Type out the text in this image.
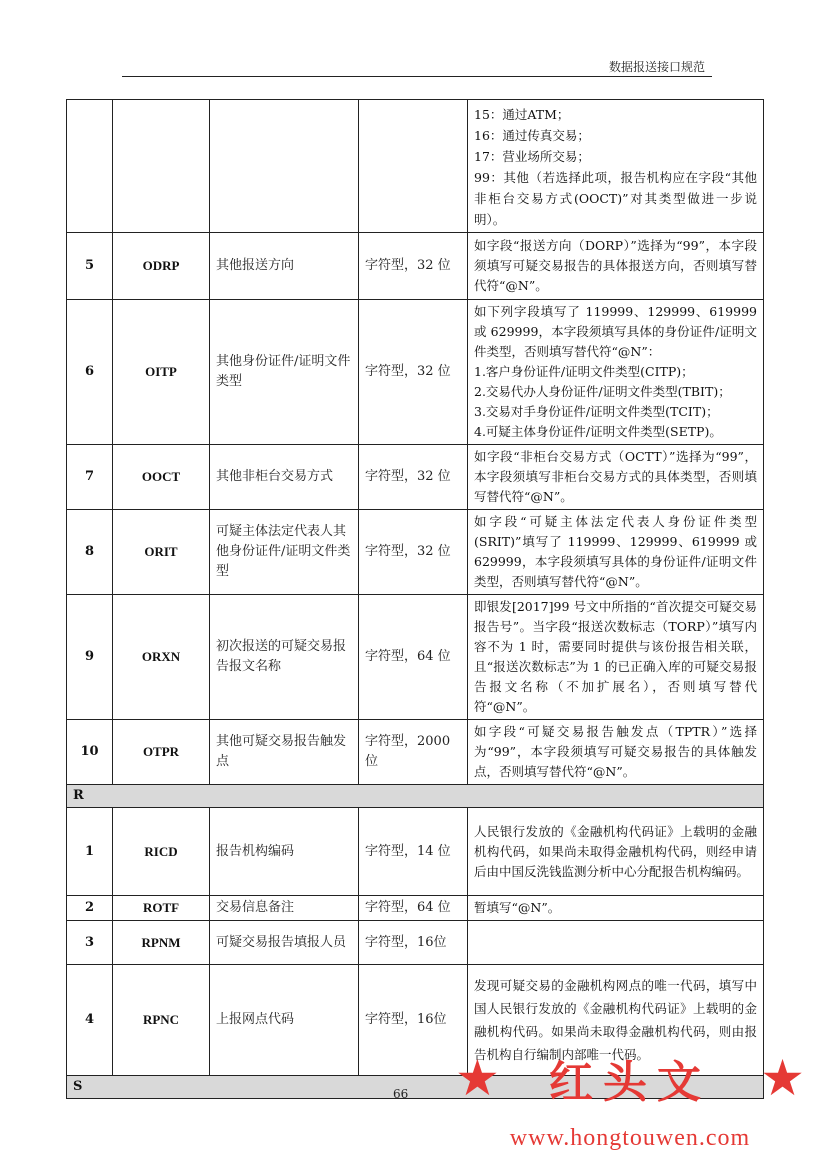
数据报送接口规范

				15：通过ATM；

16：通过传真交易；

17：营业场所交易；

99：其他（若选择此项，报告机构应在字段“其他非柜台交易方式(OOCT)”对其类型做进一步说明）。

5	ODRP	其他报送方向	字符型，32 位	如字段“报送方向（DORP）”选择为“99”，本字段须填写可疑交易报告的具体报送方向，否则填写替代符“@N”。
6	OITP	其他身份证件/证明文件类型	字符型，32 位	如下列字段填写了 119999、129999、619999 或 629999，本字段须填写具体的身份证件/证明文件类型，否则填写替代符“@N”：

1.客户身份证件/证明文件类型(CITP)；

2.交易代办人身份证件/证明文件类型(TBIT)；

3.交易对手身份证件/证明文件类型(TCIT)；

4.可疑主体身份证件/证明文件类型(SETP)。

7	OOCT	其他非柜台交易方式	字符型，32 位	如字段“非柜台交易方式（OCTT）”选择为“99”，本字段须填写非柜台交易方式的具体类型，否则填写替代符“@N”。
8	ORIT	可疑主体法定代表人其他身份证件/证明文件类型	字符型，32 位	如字段“可疑主体法定代表人身份证件类型(SRIT)”填写了 119999、129999、619999 或 629999，本字段须填写具体的身份证件/证明文件类型，否则填写替代符“@N”。
9	ORXN	初次报送的可疑交易报告报文名称	字符型，64 位	即银发[2017]99 号文中所指的“首次提交可疑交易报告号”。当字段“报送次数标志（TORP）”填写内容不为 1 时，需要同时提供与该份报告相关联，且“报送次数标志”为 1 的已正确入库的可疑交易报告报文名称（不加扩展名），否则填写替代符“@N”。
10	OTPR	其他可疑交易报告触发点	字符型，2000 位	如字段“可疑交易报告触发点（TPTR）”选择为“99”，本字段须填写可疑交易报告的具体触发点，否则填写替代符“@N”。
R				
1	RICD	报告机构编码	字符型，14 位	人民银行发放的《金融机构代码证》上载明的金融机构代码，如果尚未取得金融机构代码，则经申请后由中国反洗钱监测分析中心分配报告机构编码。
2	ROTF	交易信息备注	字符型，64 位	暂填写“@N”。
3	RPNM	可疑交易报告填报人员	字符型，16位	
4	RPNC	上报网点代码	字符型，16位	发现可疑交易的金融机构网点的唯一代码，填写中国人民银行发放的《金融机构代码证》上载明的金融机构代码。如果尚未取得金融机构代码，则由报告机构自行编制内部唯一代码。
S					66 ★ 红头文 ★
www.hongtouwen.com
